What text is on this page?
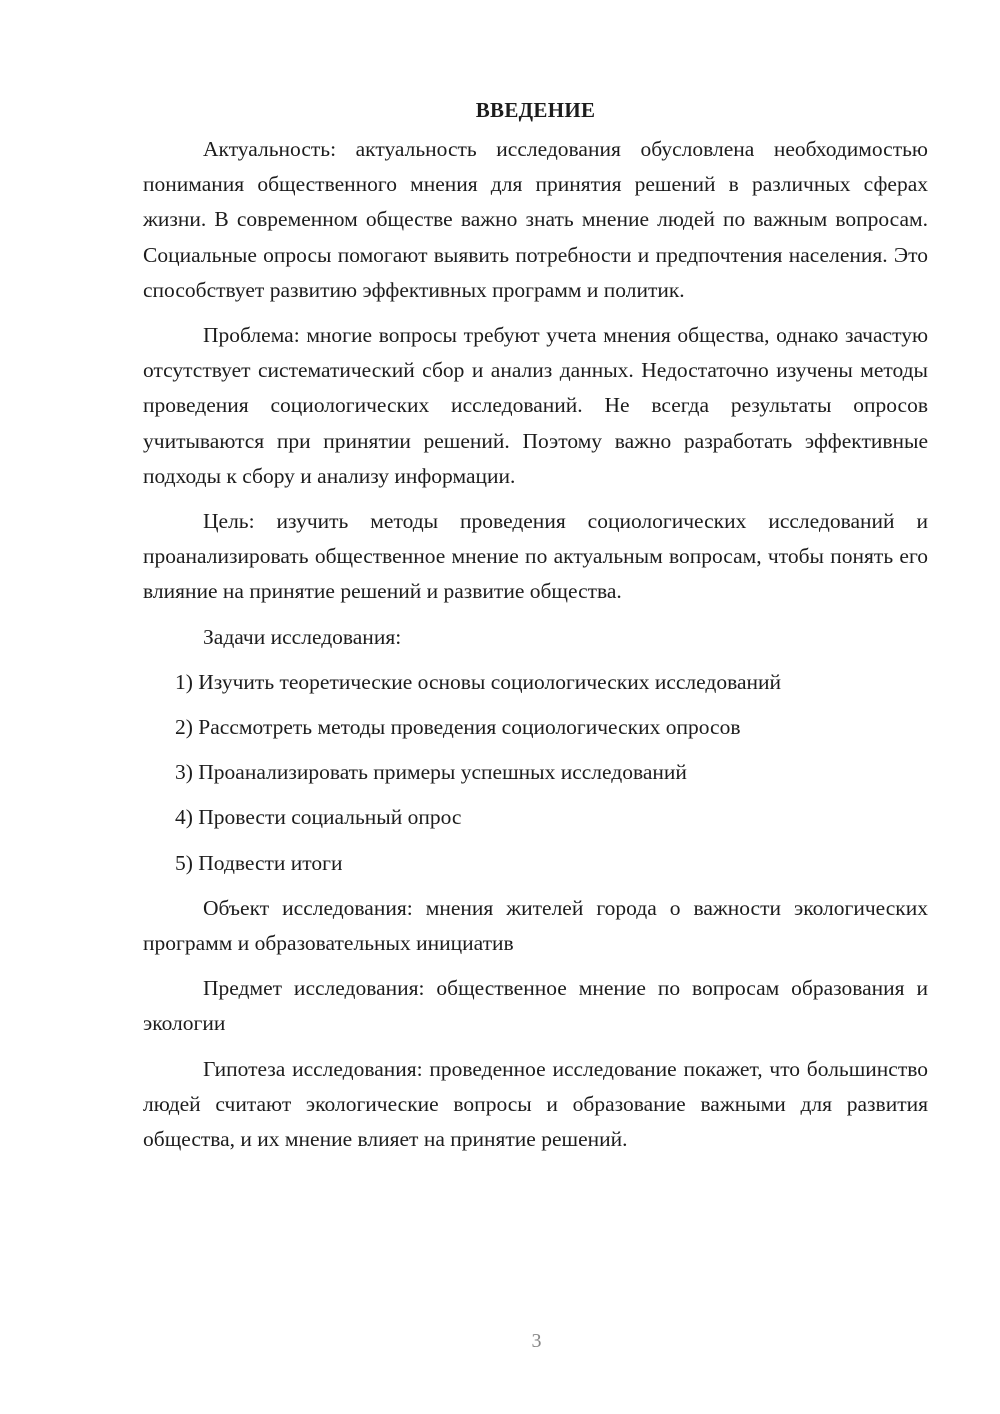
ВВЕДЕНИЕ

Актуальность: актуальность исследования обусловлена необходимостью понимания общественного мнения для принятия решений в различных сферах жизни. В современном обществе важно знать мнение людей по важным вопросам. Социальные опросы помогают выявить потребности и предпочтения населения. Это способствует развитию эффективных программ и политик.

Проблема: многие вопросы требуют учета мнения общества, однако зачастую отсутствует систематический сбор и анализ данных. Недостаточно изучены методы проведения социологических исследований. Не всегда результаты опросов учитываются при принятии решений. Поэтому важно разработать эффективные подходы к сбору и анализу информации.

Цель: изучить методы проведения социологических исследований и проанализировать общественное мнение по актуальным вопросам, чтобы понять его влияние на принятие решений и развитие общества.

Задачи исследования:

1) Изучить теоретические основы социологических исследований

2) Рассмотреть методы проведения социологических опросов

3) Проанализировать примеры успешных исследований

4) Провести социальный опрос

5) Подвести итоги

Объект исследования: мнения жителей города о важности экологических программ и образовательных инициатив

Предмет исследования: общественное мнение по вопросам образования и экологии

Гипотеза исследования: проведенное исследование покажет, что большинство людей считают экологические вопросы и образование важными для развития общества, и их мнение влияет на принятие решений.

3
